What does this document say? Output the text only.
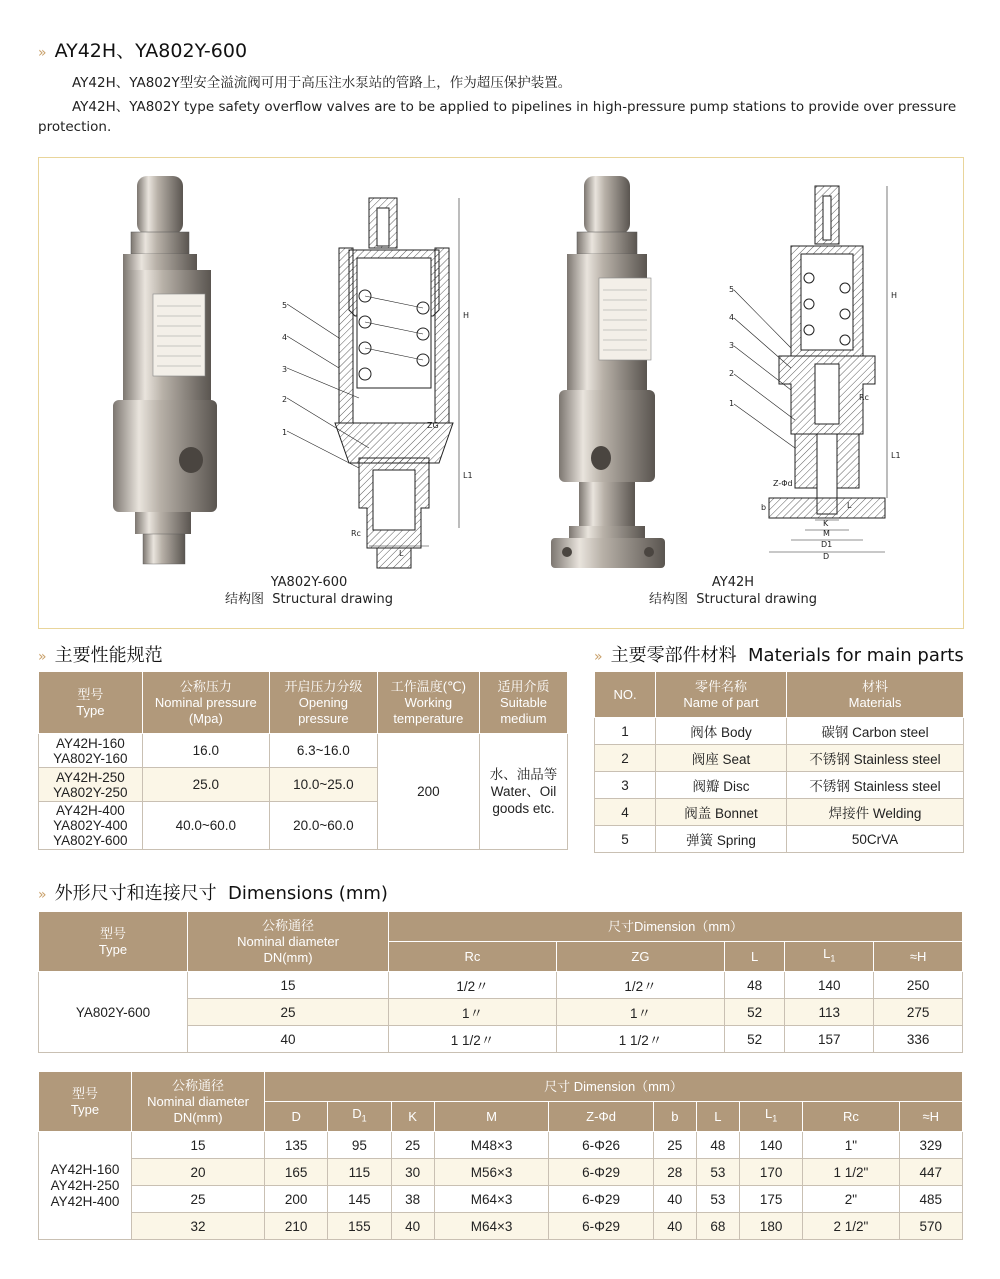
» AY42H、YA802Y-600
AY42H、YA802Y型安全溢流阀可用于高压注水泵站的管路上，作为超压保护装置。
AY42H、YA802Y type safety overflow valves are to be applied to pipelines in high-pressure pump stations to provide over pressure protection.
5
4
3
2
1
H
L1
ZG
Rc
L
5
4
3
2
1
H
L1
Rc
Z-Φd
b
K
M
D1
D
L
YA802Y-600
结构图 Structural drawing
AY42H
结构图 Structural drawing
» 主要性能规范
型号
Type	公称压力
Nominal pressure
(Mpa)	开启压力分级
Opening
pressure	工作温度(℃)
Working
temperature	适用介质
Suitable
medium

AY42H-160
YA802Y-160	16.0	6.3~16.0	200	水、油品等
Water、Oil
goods etc.

AY42H-250
YA802Y-250	25.0	10.0~25.0		

AY42H-400
YA802Y-400
YA802Y-600	40.0~60.0	20.0~60.0		
» 主要零部件材料 Materials for main parts
NO.	零件名称
Name of part	材料
Materials

1	阀体 Body	碳钢 Carbon steel
2	阀座 Seat	不锈钢 Stainless steel
3	阀瓣 Disc	不锈钢 Stainless steel
4	阀盖 Bonnet	焊接件 Welding
5	弹簧 Spring	50CrVA
» 外形尺寸和连接尺寸 Dimensions (mm)
型号
Type	公称通径
Nominal diameter
DN(mm)	尺寸Dimension（mm）				
		Rc	ZG	L	$L_1$	≈H
YA802Y-600	15	1/2〃	1/2〃	48	140	250
	25	1〃	1〃	52	113	275
	40	1 1/2〃	1 1/2〃	52	157	336
型号
Type	公称通径
Nominal diameter
DN(mm)	尺寸 Dimension（mm）									
		D	$D_1$	K	M	Z-Φd	b	L	$L_1$	Rc	≈H

AY42H-160
AY42H-250
AY42H-400	15	135	95	25	M48×3	6-Φ26	25	48	140	1"	329
	20	165	115	30	M56×3	6-Φ29	28	53	170	1 1/2"	447
	25	200	145	38	M64×3	6-Φ29	40	53	175	2"	485
	32	210	155	40	M64×3	6-Φ29	40	68	180	2 1/2"	570
